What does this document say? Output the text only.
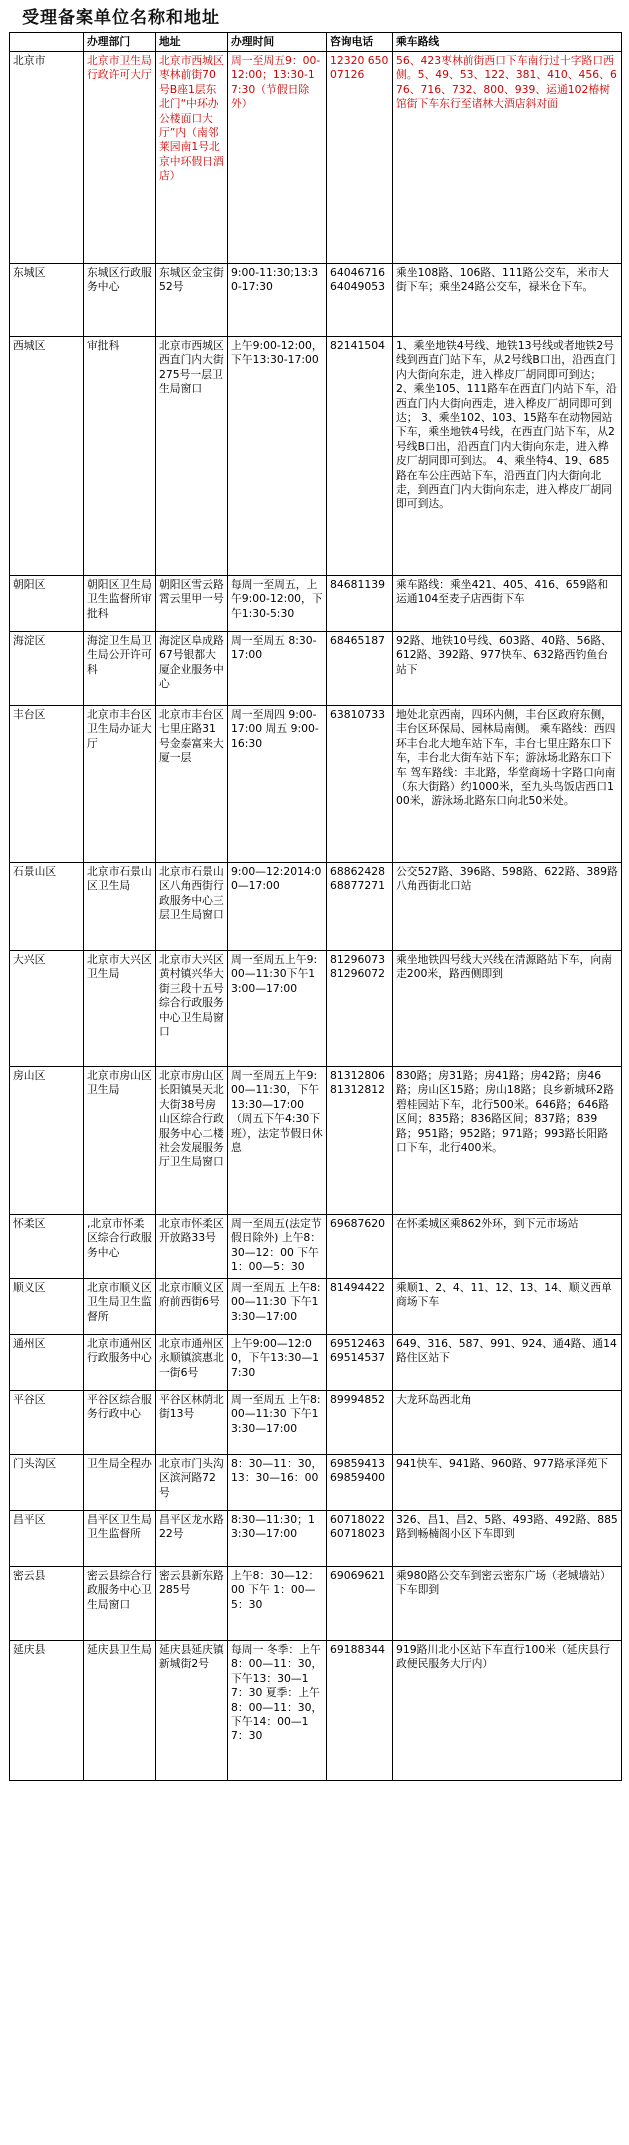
受理备案单位名称和地址
	办理部门	地址	办理时间	咨询电话	乘车路线
北京市	北京市卫生局行政许可大厅	北京市西城区枣林前街70号B座1层东北门“中环办公楼面口大厅”内（南邻莱园南1号北京中环假日酒店）	周一至周五9：00-12:00；13:30-17:30（节假日除外）	12320 65007126	56、423枣林前街西口下车南行过十字路口西侧。5、49、53、122、381、410、456、676、716、732、800、939、运通102椿树馆街下车东行至诸林大酒店斜对面
东城区	东城区行政服务中心	东城区金宝街52号	9:00-11:30;13:30-17:30	64046716 64049053	乘坐108路、106路、111路公交车，米市大街下车；乘坐24路公交车，禄米仓下车。
西城区	审批科	北京市西城区西直门内大街275号一层卫生局窗口	上午9:00-12:00，下午13:30-17:00	82141504	1、乘坐地铁4号线、地铁13号线或者地铁2号线到西直门站下车，从2号线B口出，沿西直门内大街向东走，进入桦皮厂胡同即可到达； 2、乘坐105、111路车在西直门内站下车，沿西直门内大街向西走，进入桦皮厂胡同即可到达； 3、乘坐102、103、15路车在动物园站下车，乘坐地铁4号线，在西直门站下车，从2号线B口出，沿西直门内大街向东走，进入桦皮厂胡同即可到达。 4、乘坐特4、19、685路在车公庄西站下车，沿西直门内大街向北走，到西直门内大街向东走，进入桦皮厂胡同即可到达。
朝阳区	朝阳区卫生局卫生监督所审批科	朝阳区雪云路霄云里甲一号	每周一至周五，上午9:00-12:00，下午1:30-5:30	84681139	乘车路线：乘坐421、405、416、659路和运通104至麦子店西街下车
海淀区	海淀卫生局卫生局公开许可科	海淀区阜成路67号银都大厦企业服务中心	周一至周五 8:30-17:00	68465187	92路、地铁10号线、603路、40路、56路、612路、392路、977快车、632路西钓鱼台站下
丰台区	北京市丰台区卫生局办证大厅	北京市丰台区七里庄路31号金泰富来大厦一层	周一至周四 9:00-17:00 周五 9:00-16:30	63810733	地处北京西南，四环内侧，丰台区政府东侧，丰台区环保局、园林局南侧。 乘车路线：西四环丰台北大地车站下车，丰台七里庄路东口下车，丰台北大街车站下车；游泳场北路东口下车 驾车路线：丰北路，华堂商场十字路口向南（东大街路）约1000米，至九头鸟饭店西口100米，游泳场北路东口向北50米处。
石景山区	北京市石景山区卫生局	北京市石景山区八角西街行政服务中心三层卫生局窗口	9:00—12:2014:00—17:00	68862428 68877271	公交527路、396路、598路、622路、389路八角西街北口站
大兴区	北京市大兴区卫生局	北京市大兴区黄村镇兴华大街三段十五号综合行政服务中心卫生局窗口	周一至周五上午9:00—11:30下午13:00—17:00	81296073 81296072	乘坐地铁四号线大兴线在清源路站下车，向南走200米，路西侧即到
房山区	北京市房山区卫生局	北京市房山区长阳镇昊天北大街38号房山区综合行政服务中心二楼社会发展服务厅卫生局窗口	周一至周五上午9:00—11:30，下午13:30—17:00（周五下午4:30下班），法定节假日休息	81312806 81312812	830路；房31路；房41路；房42路；房46路；房山区15路；房山18路；良乡新城环2路碧桂园站下车，北行500米。646路；646路区间；835路；836路区间；837路；839路；951路；952路；971路；993路长阳路口下车，北行400米。
怀柔区	,北京市怀柔区综合行政服务中心	北京市怀柔区开放路33号	周一至周五(法定节假日除外) 上午8：30—12：00 下午1：00—5：30	69687620	在怀柔城区乘862外环，到下元市场站
顺义区	北京市顺义区卫生局卫生监督所	北京市顺义区府前西街6号	周一至周五 上午8:00—11:30 下午13:30—17:00	81494422	乘顺1、2、4、11、12、13、14、顺义西单商场下车
通州区	北京市通州区行政服务中心	北京市通州区永顺镇滨惠北一街6号	上午9:00—12:00，下午13:30—17:30	69512463 69514537	649、316、587、991、924、通4路、通14路住区站下
平谷区	平谷区综合服务行政中心	平谷区林荫北街13号	周一至周五 上午8:00—11:30 下午13:30—17:00	89994852	大龙环岛西北角
门头沟区	卫生局全程办	北京市门头沟区滨河路72号	8：30—11：30，13：30—16：00	69859413 69859400	941快车、941路、960路、977路承泽苑下
昌平区	昌平区卫生局卫生监督所	昌平区龙水路22号	8:30—11:30；13:30—17:00	60718022 60718023	326、昌1、昌2、5路、493路、492路、885路到畅楠阁小区下车即到
密云县	密云县综合行政服务中心卫生局窗口	密云县新东路285号	上午8：30—12：00 下午 1：00—5：30	69069621	乘980路公交车到密云密东广场（老城墙站）下车即到
延庆县	延庆县卫生局	延庆县延庆镇新城街2号	每周一 冬季：上午8：00—11：30，下午13：30—17：30 夏季：上午8：00—11：30，下午14：00—17：30	69188344	919路川北小区站下车直行100米（延庆县行政便民服务大厅内）
